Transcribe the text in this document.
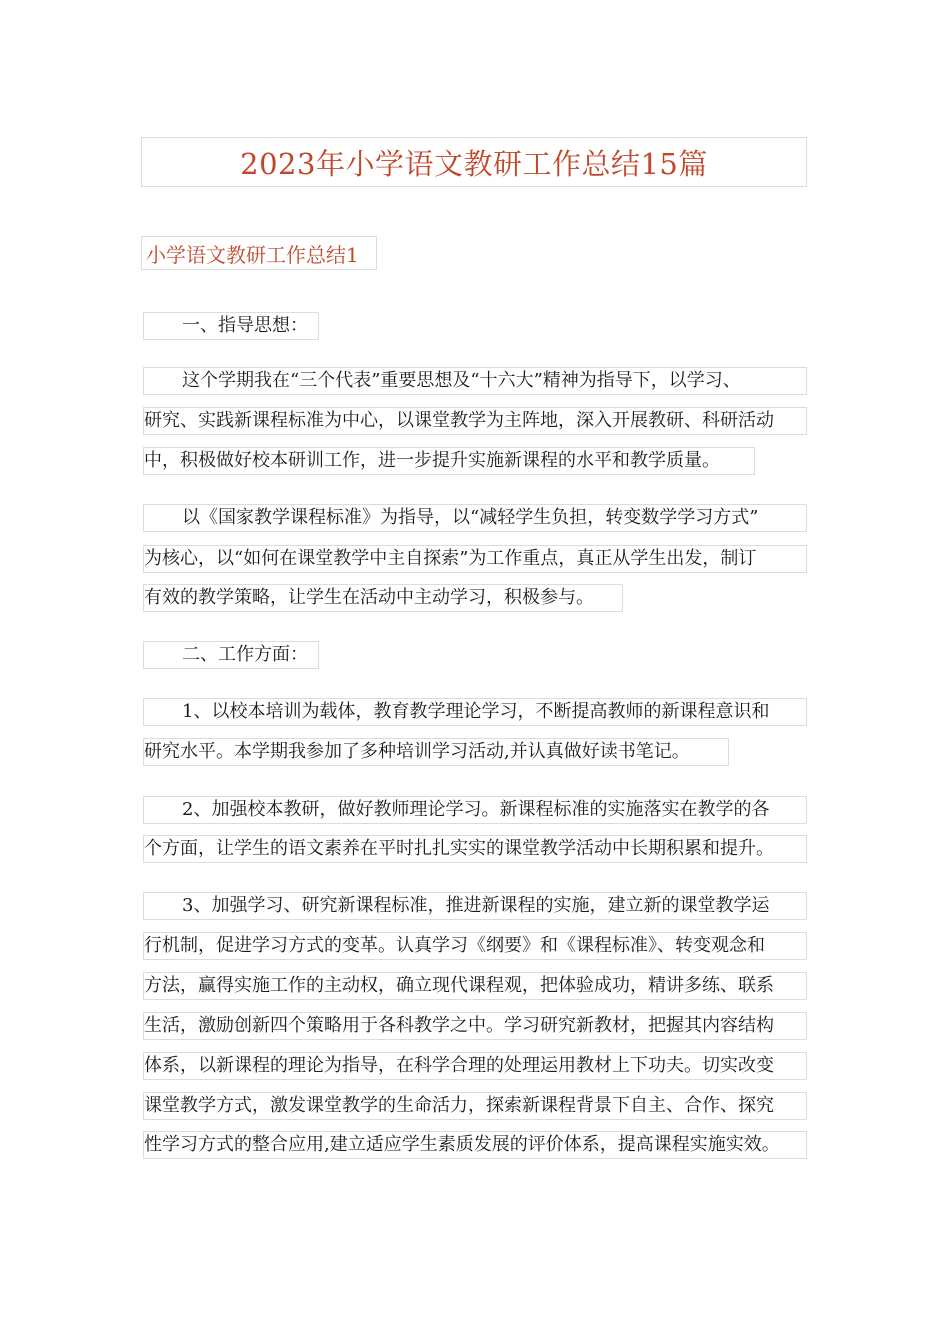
2023年小学语文教研工作总结15篇
小学语文教研工作总结1
一、指导思想：
这个学期我在“三个代表”重要思想及“十六大”精神为指导下，以学习、
研究、实践新课程标准为中心，以课堂教学为主阵地，深入开展教研、科研活动
中，积极做好校本研训工作，进一步提升实施新课程的水平和教学质量。
以《国家教学课程标准》为指导，以“减轻学生负担，转变数学学习方式”
为核心，以“如何在课堂教学中主自探索”为工作重点，真正从学生出发，制订
有效的教学策略，让学生在活动中主动学习，积极参与。
二、工作方面：
1、以校本培训为载体，教育教学理论学习，不断提高教师的新课程意识和
研究水平。本学期我参加了多种培训学习活动,并认真做好读书笔记。
2、加强校本教研，做好教师理论学习。新课程标准的实施落实在教学的各
个方面，让学生的语文素养在平时扎扎实实的课堂教学活动中长期积累和提升。
3、加强学习、研究新课程标准，推进新课程的实施，建立新的课堂教学运
行机制，促进学习方式的变革。认真学习《纲要》和《课程标准》、转变观念和
方法，赢得实施工作的主动权，确立现代课程观，把体验成功，精讲多练、联系
生活，激励创新四个策略用于各科教学之中。学习研究新教材，把握其内容结构
体系，以新课程的理论为指导，在科学合理的处理运用教材上下功夫。切实改变
课堂教学方式，激发课堂教学的生命活力，探索新课程背景下自主、合作、探究
性学习方式的整合应用,建立适应学生素质发展的评价体系，提高课程实施实效。
